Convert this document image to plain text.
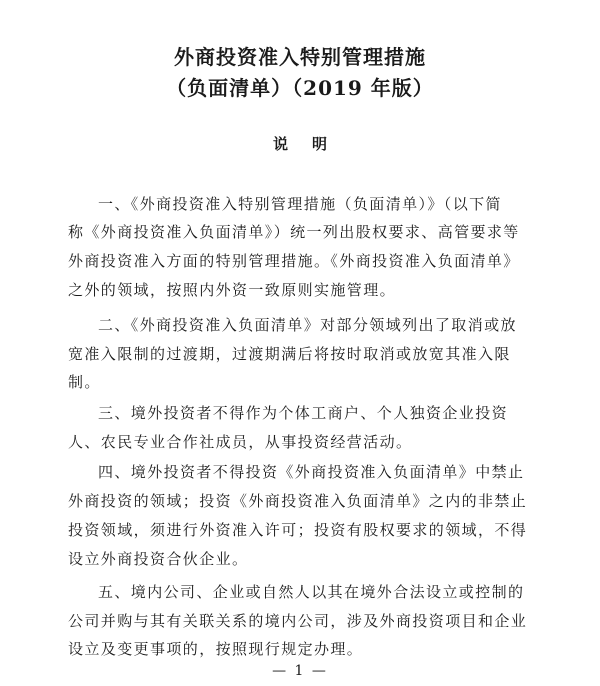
外商投资准入特别管理措施
（负面清单）（2019 年版）
说明
一、《外商投资准入特别管理措施（负面清单）》（以下简
称《外商投资准入负面清单》）统一列出股权要求、高管要求等
外商投资准入方面的特别管理措施。《外商投资准入负面清单》
之外的领域，按照内外资一致原则实施管理。
二、《外商投资准入负面清单》对部分领域列出了取消或放
宽准入限制的过渡期，过渡期满后将按时取消或放宽其准入限
制。
三、境外投资者不得作为个体工商户、个人独资企业投资
人、农民专业合作社成员，从事投资经营活动。
四、境外投资者不得投资《外商投资准入负面清单》中禁止
外商投资的领域；投资《外商投资准入负面清单》之内的非禁止
投资领域，须进行外资准入许可；投资有股权要求的领域，不得
设立外商投资合伙企业。
五、境内公司、企业或自然人以其在境外合法设立或控制的
公司并购与其有关联关系的境内公司，涉及外商投资项目和企业
设立及变更事项的，按照现行规定办理。
— 1 —
